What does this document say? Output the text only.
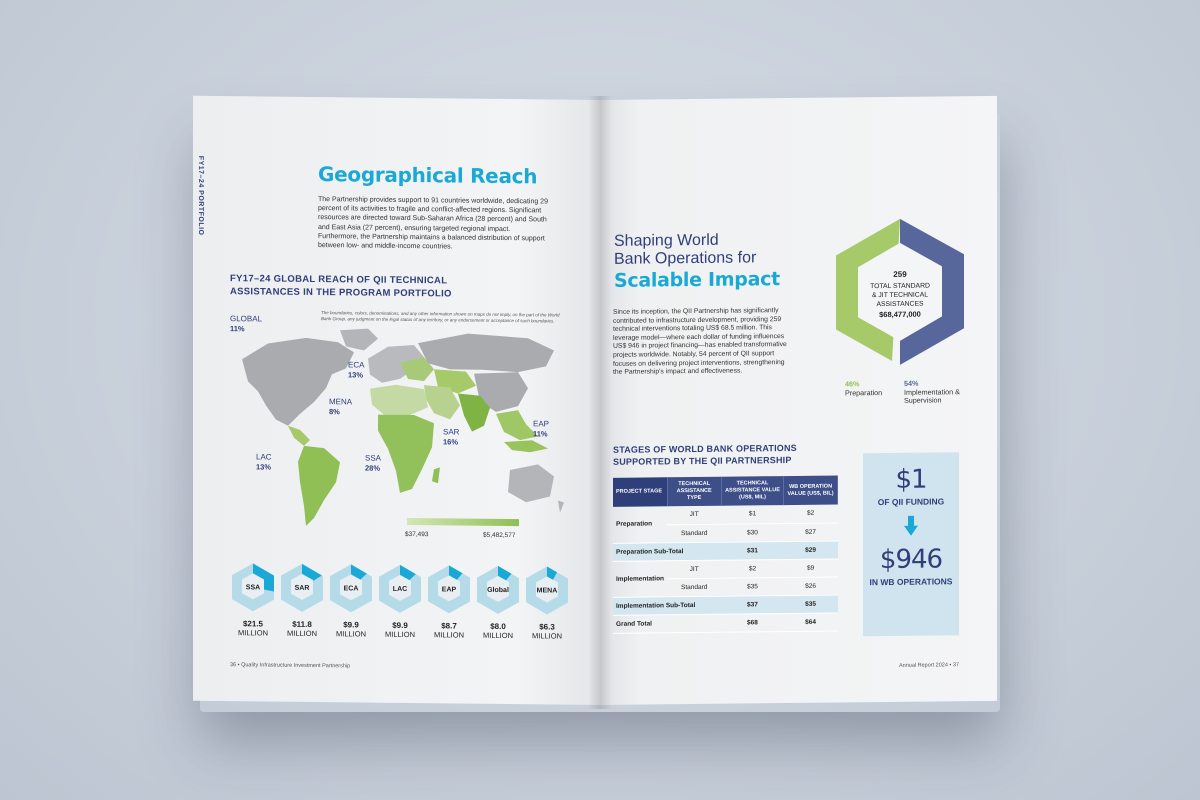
FY17–24 PORTFOLIO	Geographical Reach

The Partnership provides support to 91 countries worldwide, dedicating 29 percent of its activities to fragile and conflict-affected regions. Significant resources are directed toward Sub-Saharan Africa (28 percent) and South and East Asia (27 percent), ensuring targeted regional impact. Furthermore, the Partnership maintains a balanced distribution of support between low- and middle-income countries.

FY17–24 GLOBAL REACH OF QII TECHNICAL ASSISTANCES IN THE PROGRAM PORTFOLIO
The boundaries, colors, denominations, and any other information shown on maps do not imply, on the part of the World Bank Group, any judgment on the legal status of any territory, or any endorsement or acceptance of such boundaries.
GLOBAL
11%
ECA
13%
MENA
8%
SAR
16%
EAP
11%
LAC
13%
SSA
28%
$37,493	$5,482,577
SSA
$21.5
MILLION
SAR
$11.8
MILLION
ECA
$9.9
MILLION
LAC
$9.9
MILLION
EAP
$8.7
MILLION
Global
$8.0
MILLION
MENA
$6.3
MILLION
36 • Quality Infrastructure Investment Partnership
Shaping World
Bank Operations for
Scalable Impact

Since its inception, the QII Partnership has significantly contributed to infrastructure development, providing 259 technical interventions totaling US$ 68.5 million. This leverage model—where each dollar of funding influences US$ 946 in project financing—has enabled transformative projects worldwide. Notably, 54 percent of QII support focuses on delivering project interventions, strengthening the Partnership's impact and effectiveness.

259
TOTAL STANDARD
& JIT TECHNICAL
ASSISTANCES
$68,477,000
46%
Preparation
54%
Implementation & Supervision
STAGES OF WORLD BANK OPERATIONS SUPPORTED BY THE QII PARTNERSHIP
PROJECT STAGE	TECHNICAL ASSISTANCE TYPE	TECHNICAL ASSISTANCE VALUE (US$, MIL)	WB OPERATION VALUE (US$, BIL)
Preparation	JIT	$1	$2
	Standard	$30	$27
Preparation Sub-Total		$31	$29
Implementation	JIT	$2	$9
	Standard	$35	$26
Implementation Sub-Total		$37	$35
Grand Total		$68	$64
$1
OF QII FUNDING
$946
IN WB OPERATIONS
Annual Report 2024 • 37
